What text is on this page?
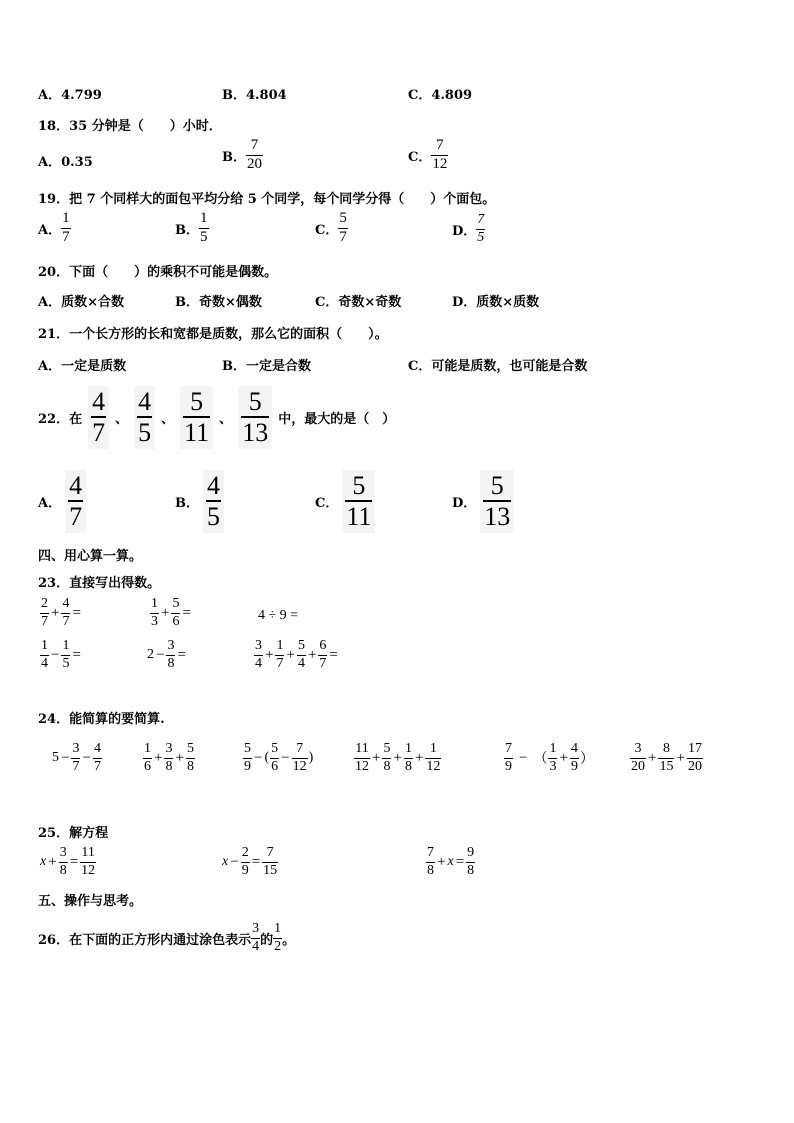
A．4.799	B．4.804	C．4.809
18．35 分钟是（　　）小时．
A．0.35	B． $\frac{7}{20}$	C． $\frac{7}{12}$
19．把 7 个同样大的面包平均分给 5 个同学，每个同学分得（　　）个面包。
A． $\frac{1}{7}$	B． $\frac{1}{5}$	C． $\frac{5}{7}$	D． $\frac{7}{5}$
20．下面（　　）的乘积不可能是偶数。
A．质数×合数	B．奇数×偶数	C．奇数×奇数	D．质数×质数
21．一个长方形的长和宽都是质数，那么它的面积（　　）。
A．一定是质数	B．一定是合数	C．可能是质数，也可能是合数
22．在 $\frac{4}{7}$ 、 $\frac{4}{5}$ 、 $\frac{5}{11}$ 、 $\frac{5}{13}$ 中，最大的是（　）
A． $\frac{4}{7}$	B． $\frac{4}{5}$	C． $\frac{5}{11}$	D． $\frac{5}{13}$
四、用心算一算。
23．直接写出得数。
$\frac{2}{7} + \frac{4}{7}$ =	$\frac{1}{3} + \frac{5}{6}$ =	4 ÷ 9 =
$\frac{1}{4} - \frac{1}{5}$ =	$2 - \frac{3}{8}$ =	$\frac{3}{4} + \frac{1}{7} + \frac{5}{4} + \frac{6}{7}$ =
24．能简算的要简算.
$5 - \frac{3}{7} - \frac{4}{7}$	$\frac{1}{6} + \frac{3}{8} + \frac{5}{8}$	$\frac{5}{9}$ − ( $\frac{5}{6} - \frac{7}{12}$ )	$\frac{11}{12} + \frac{5}{8} + \frac{1}{8} + \frac{1}{12}$	$\frac{7}{9}$ − （ $\frac{1}{3} + \frac{4}{9}$ ）	$\frac{3}{20} + \frac{8}{15} + \frac{17}{20}$
25．解方程
$x + \frac{3}{8} = \frac{11}{12}$	$x - \frac{2}{9} = \frac{7}{15}$	$\frac{7}{8} + x = \frac{9}{8}$
五、操作与思考。
26．在下面的正方形内通过涂色表示 $\frac{3}{4}$ 的 $\frac{1}{2}$ 。
